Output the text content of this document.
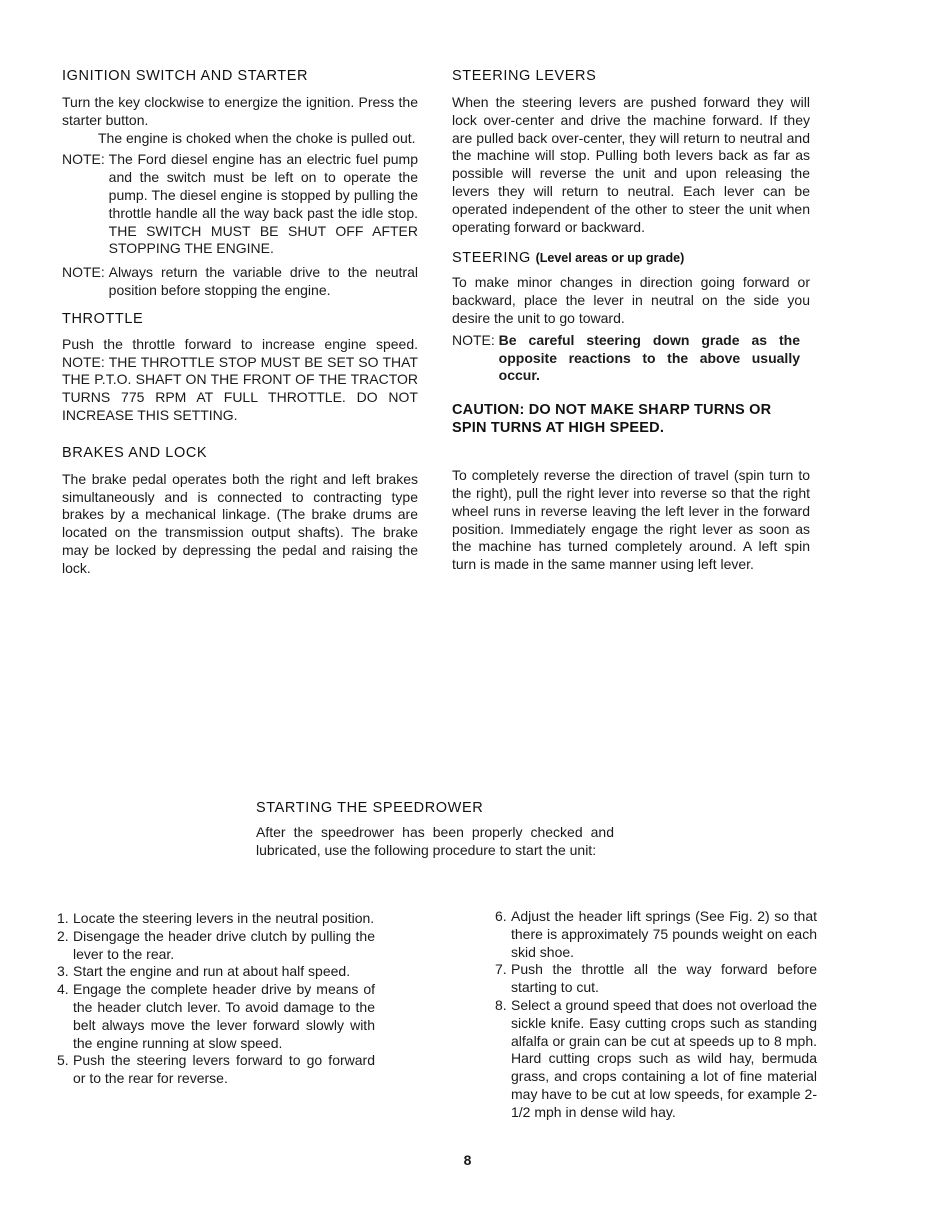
IGNITION SWITCH AND STARTER

Turn the key clockwise to energize the ignition. Press the starter button.

The engine is choked when the choke is pulled out.

NOTE: The Ford diesel engine has an electric fuel pump and the switch must be left on to operate the pump. The diesel engine is stopped by pulling the throttle handle all the way back past the idle stop. THE SWITCH MUST BE SHUT OFF AFTER STOPPING THE ENGINE.
NOTE: Always return the variable drive to the neutral position before stopping the engine.
THROTTLE

Push the throttle forward to increase engine speed. NOTE: THE THROTTLE STOP MUST BE SET SO THAT THE P.T.O. SHAFT ON THE FRONT OF THE TRACTOR TURNS 775 RPM AT FULL THROTTLE. DO NOT INCREASE THIS SETTING.

BRAKES AND LOCK

The brake pedal operates both the right and left brakes simultaneously and is connected to contracting type brakes by a mechanical linkage. (The brake drums are located on the transmission output shafts). The brake may be locked by depressing the pedal and raising the lock.

STEERING LEVERS

When the steering levers are pushed forward they will lock over-center and drive the machine forward. If they are pulled back over-center, they will return to neutral and the machine will stop. Pulling both levers back as far as possible will reverse the unit and upon releasing the levers they will return to neutral. Each lever can be operated independent of the other to steer the unit when operating forward or backward.

STEERING (Level areas or up grade)

To make minor changes in direction going forward or backward, place the lever in neutral on the side you desire the unit to go toward.

NOTE: Be careful steering down grade as the opposite reactions to the above usually occur.
CAUTION: DO NOT MAKE SHARP TURNS OR SPIN TURNS AT HIGH SPEED.

To completely reverse the direction of travel (spin turn to the right), pull the right lever into reverse so that the right wheel runs in reverse leaving the left lever in the forward position. Immediately engage the right lever as soon as the machine has turned completely around. A left spin turn is made in the same manner using left lever.

STARTING THE SPEEDROWER

After the speedrower has been properly checked and lubricated, use the following procedure to start the unit:

1. Locate the steering levers in the neutral position.
2. Disengage the header drive clutch by pulling the lever to the rear.
3. Start the engine and run at about half speed.
4. Engage the complete header drive by means of the header clutch lever. To avoid damage to the belt always move the lever forward slowly with the engine running at slow speed.
5. Push the steering levers forward to go forward or to the rear for reverse.
6. Adjust the header lift springs (See Fig. 2) so that there is approximately 75 pounds weight on each skid shoe.
7. Push the throttle all the way forward before starting to cut.
8. Select a ground speed that does not overload the sickle knife. Easy cutting crops such as standing alfalfa or grain can be cut at speeds up to 8 mph. Hard cutting crops such as wild hay, bermuda grass, and crops containing a lot of fine material may have to be cut at low speeds, for example 2-1/2 mph in dense wild hay.
8
